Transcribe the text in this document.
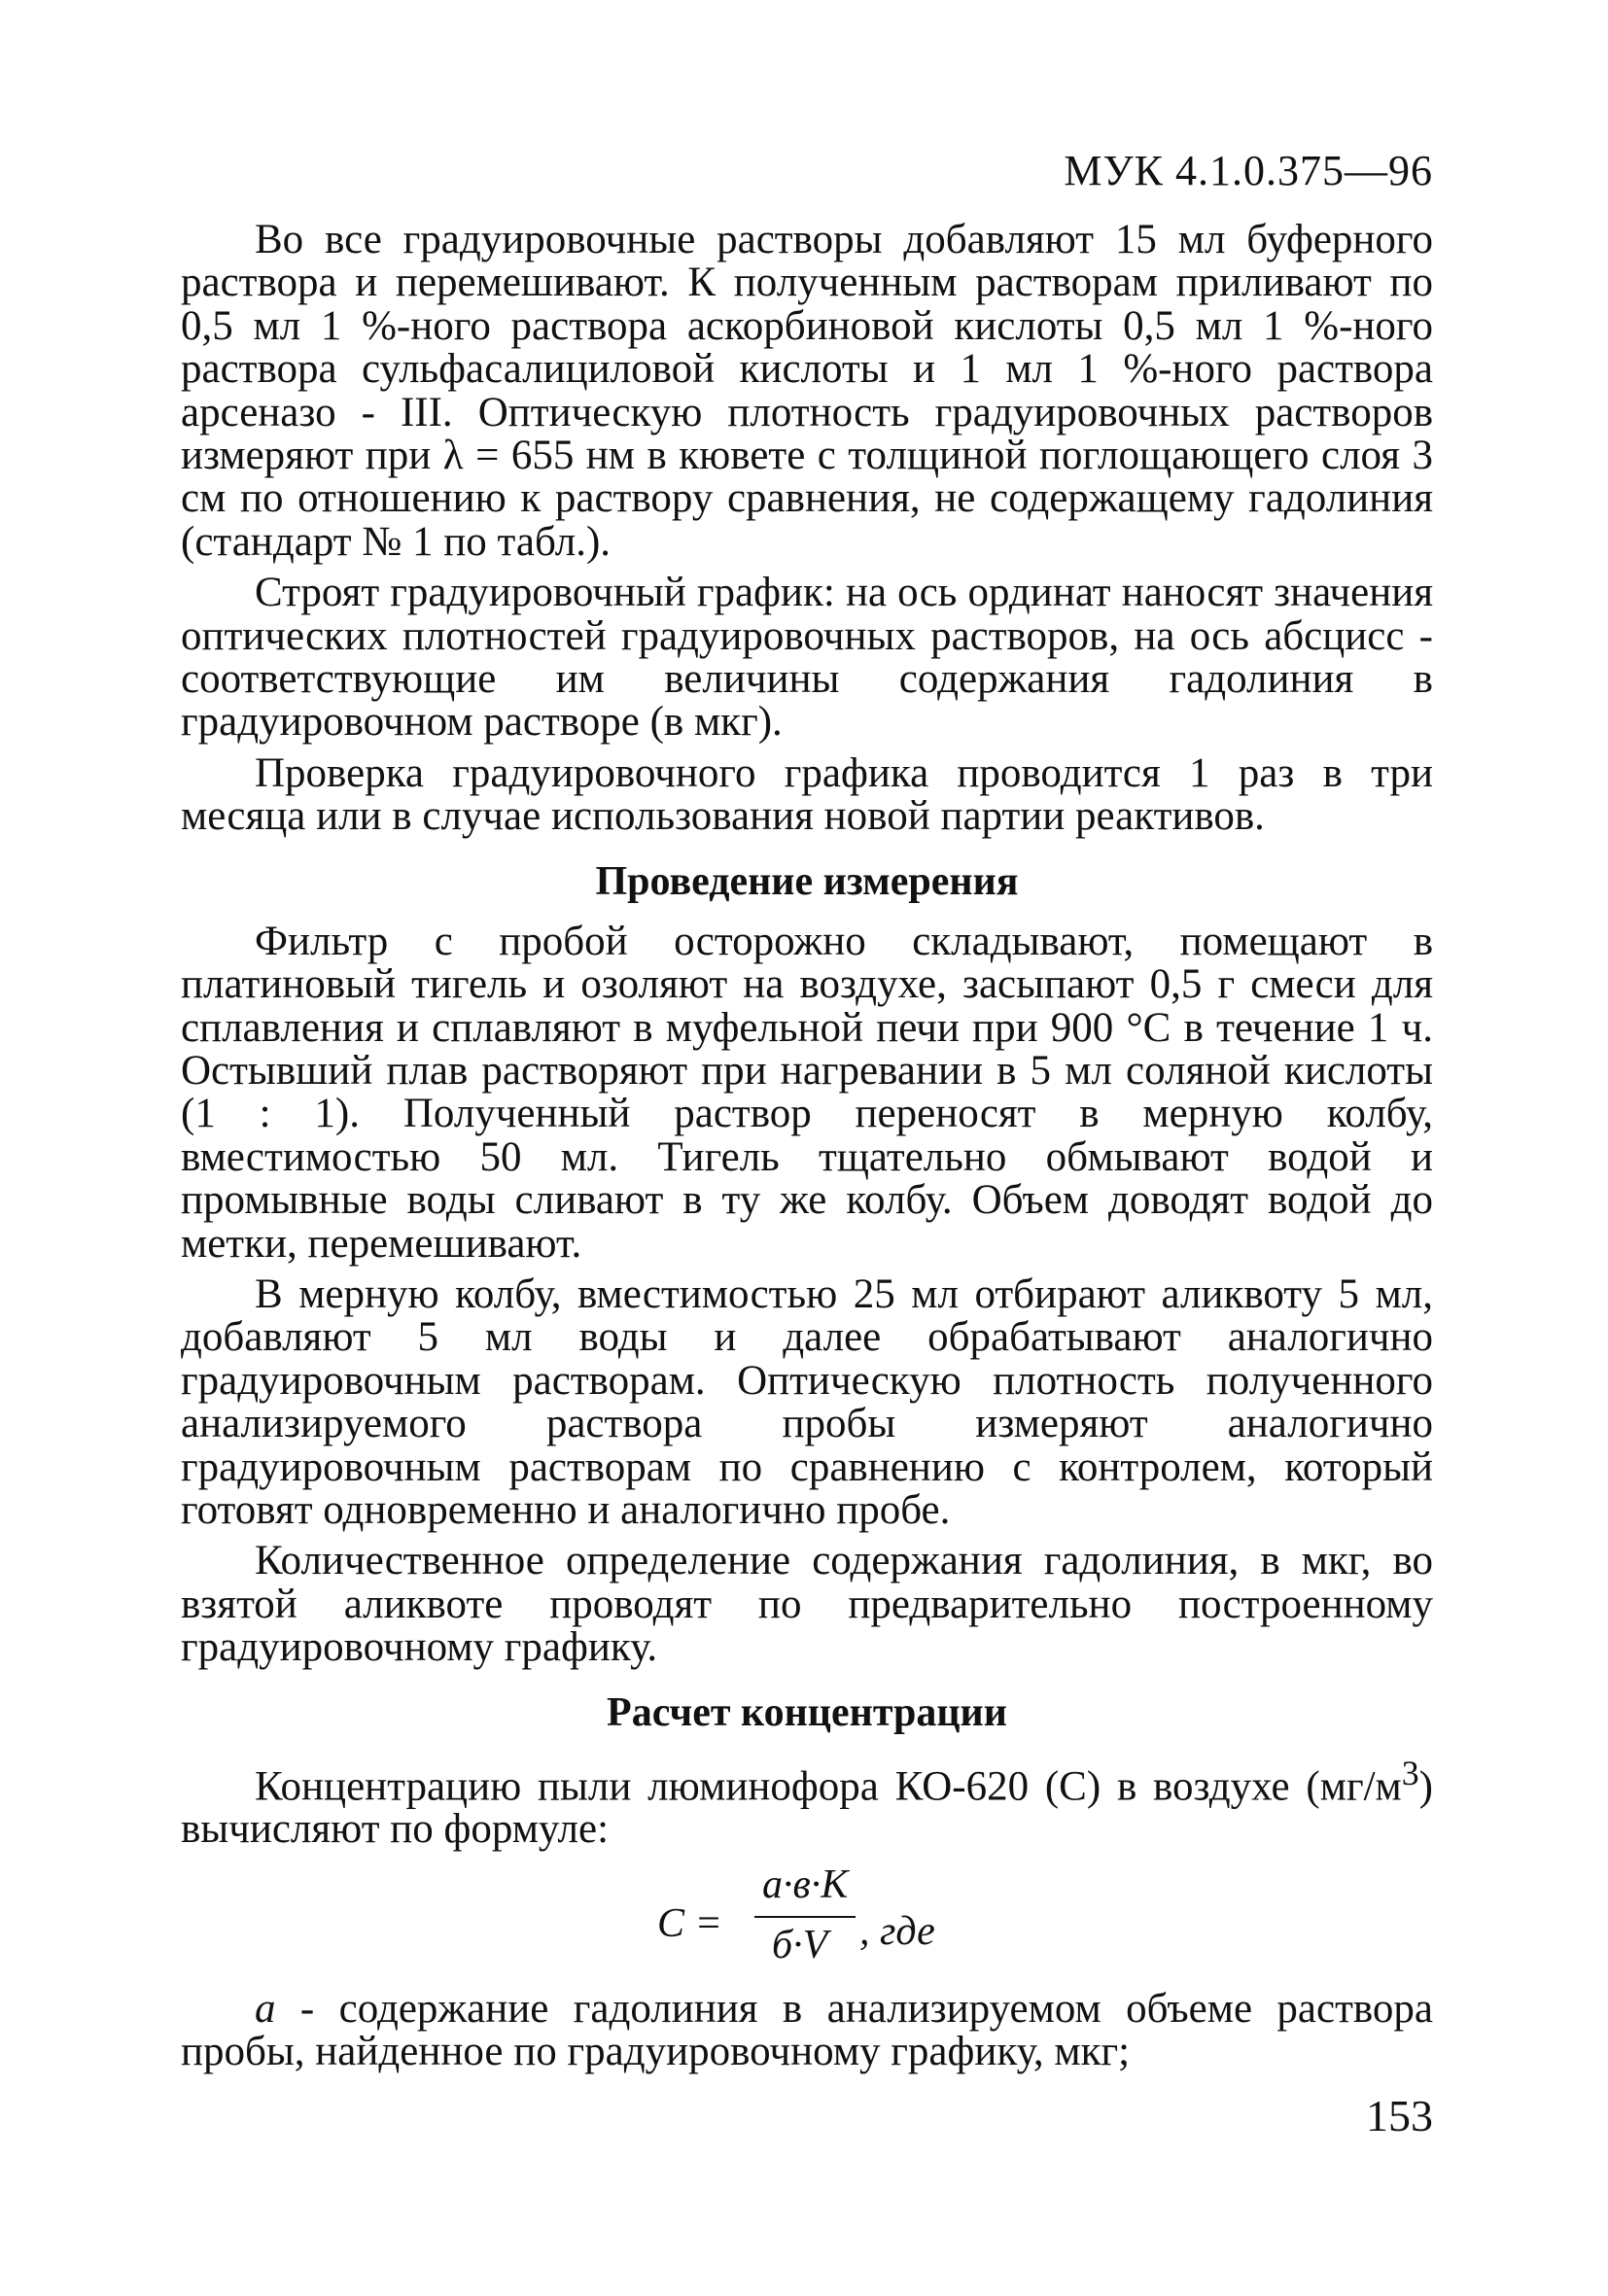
МУК 4.1.0.375—96

Во все градуировочные растворы добавляют 15 мл буферного раствора и перемешивают. К полученным растворам приливают по 0,5 мл 1 %-ного раствора аскорбиновой кислоты 0,5 мл 1 %-ного раствора сульфасалициловой кислоты и 1 мл 1 %-ного раствора арсеназо - III. Оптическую плотность градуировочных растворов измеряют при λ = 655 нм в кювете с толщиной поглощающего слоя 3 см по отношению к раствору сравнения, не содержащему гадолиния (стандарт № 1 по табл.).

Строят градуировочный график: на ось ординат наносят значения оптических плотностей градуировочных растворов, на ось абсцисс - соответствующие им величины содержания гадолиния в градуировочном растворе (в мкг).

Проверка градуировочного графика проводится 1 раз в три месяца или в случае использования новой партии реактивов.

Проведение измерения

Фильтр с пробой осторожно складывают, помещают в платиновый тигель и озоляют на воздухе, засыпают 0,5 г смеси для сплавления и сплавляют в муфельной печи при 900 °С в течение 1 ч. Остывший плав растворяют при нагревании в 5 мл соляной кислоты (1 : 1). Полученный раствор переносят в мерную колбу, вместимостью 50 мл. Тигель тщательно обмывают водой и промывные воды сливают в ту же колбу. Объем доводят водой до метки, перемешивают.

В мерную колбу, вместимостью 25 мл отбирают аликвоту 5 мл, добавляют 5 мл воды и далее обрабатывают аналогично градуировочным растворам. Оптическую плотность полученного анализируемого раствора пробы измеряют аналогично градуировочным растворам по сравнению с контролем, который готовят одновременно и аналогично пробе.

Количественное определение содержания гадолиния, в мкг, во взятой аликвоте проводят по предварительно построенному градуировочному графику.

Расчет концентрации

Концентрацию пыли люминофора КО-620 (С) в воздухе $(мг/м^3)$ вычисляют по формуле:

С =
а·в·К
б·V , где

а - содержание гадолиния в анализируемом объеме раствора пробы, найденное по градуировочному графику, мкг;

153
